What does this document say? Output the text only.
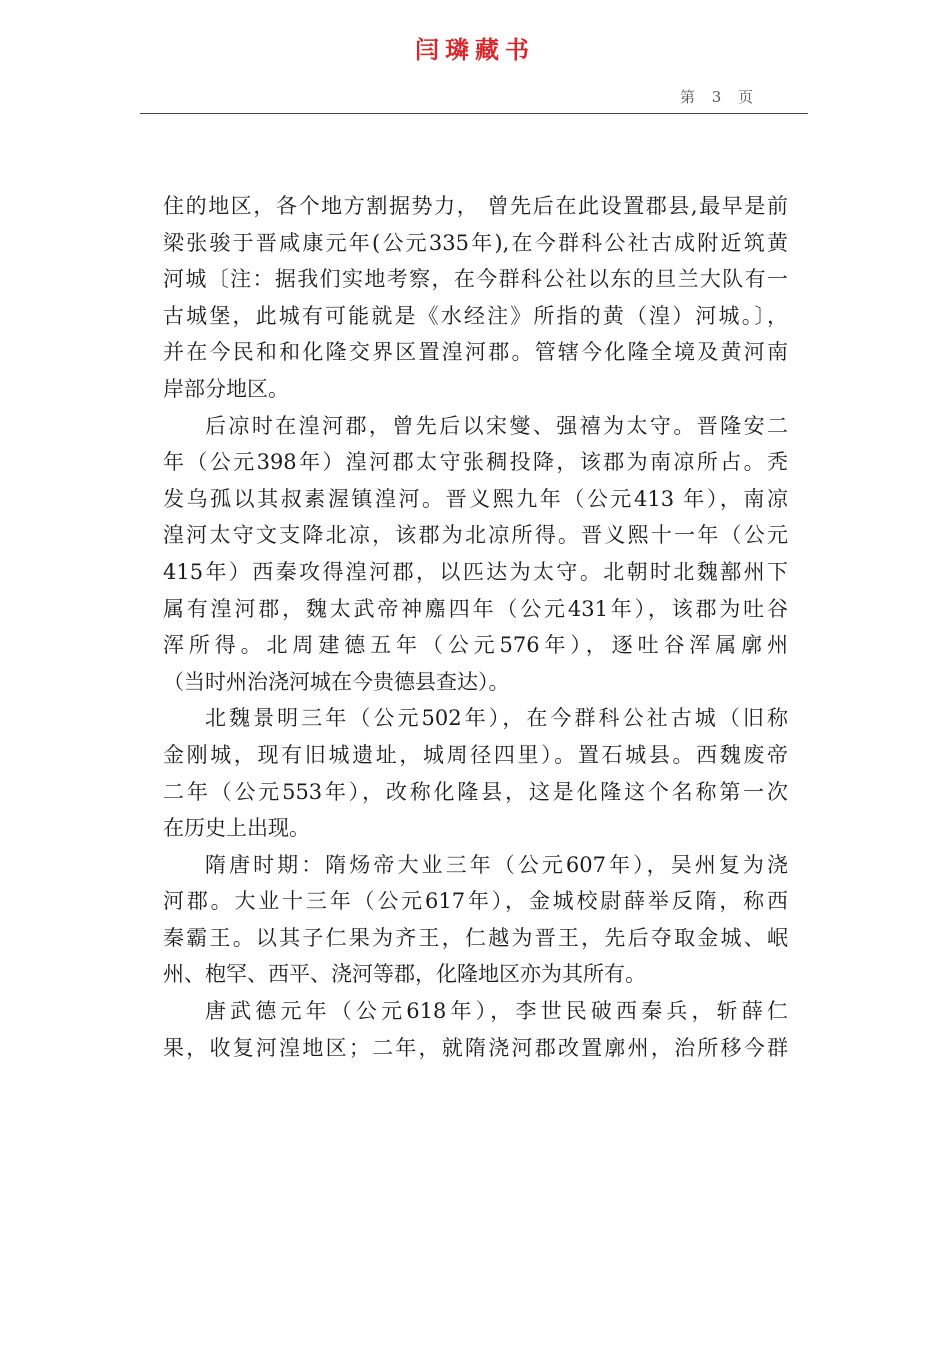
闫璘藏书
第 3 页
住的地区，各个地方割据势力， 曾先后在此设置郡县,最早是前
梁张骏于晋咸康元年(公元335年),在今群科公社古成附近筑黄
河城〔注：据我们实地考察，在今群科公社以东的旦兰大队有一
古城堡，此城有可能就是《水经注》所指的黄（湟）河城。〕，
并在今民和和化隆交界区置湟河郡。管辖今化隆全境及黄河南
岸部分地区。
后凉时在湟河郡，曾先后以宋燮、强禧为太守。晋隆安二
年（公元398年）湟河郡太守张稠投降，该郡为南凉所占。秃
发乌孤以其叔素渥镇湟河。晋义熙九年（公元413 年），南凉
湟河太守文支降北凉，该郡为北凉所得。晋义熙十一年（公元
415年）西秦攻得湟河郡，以匹达为太守。北朝时北魏鄯州下
属有湟河郡，魏太武帝神䴥四年（公元431年），该郡为吐谷
浑所得。北周建德五年（公元576年），逐吐谷浑属廓州
（当时州治浇河城在今贵德县查达）。
北魏景明三年（公元502年），在今群科公社古城（旧称
金刚城，现有旧城遗址，城周径四里）。置石城县。西魏废帝
二年（公元553年），改称化隆县，这是化隆这个名称第一次
在历史上出现。
隋唐时期：隋炀帝大业三年（公元607年），吴州复为浇
河郡。大业十三年（公元617年），金城校尉薛举反隋，称西
秦霸王。以其子仁果为齐王，仁越为晋王，先后夺取金城、岷
州、枹罕、西平、浇河等郡，化隆地区亦为其所有。
唐武德元年（公元618年），李世民破西秦兵，斩薛仁
果，收复河湟地区；二年，就隋浇河郡改置廓州，治所移今群
